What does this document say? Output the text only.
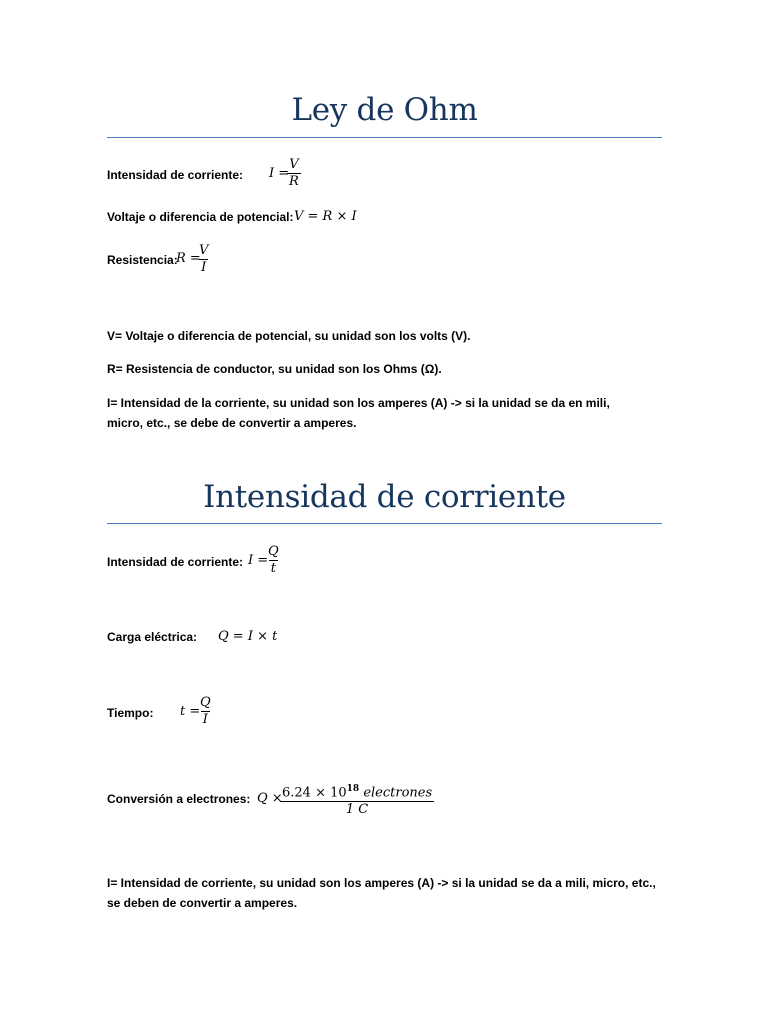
Ley de Ohm
Intensidad de corriente: I =
$\frac{V}{R}$
Voltaje o diferencia de potencial: V = R × I
Resistencia:
R =
$\frac{V}{I}$
V= Voltaje o diferencia de potencial, su unidad son los volts (V).
R= Resistencia de conductor, su unidad son los Ohms (Ω).
I= Intensidad de la corriente, su unidad son los amperes (A) -> si la unidad se da en mili, micro, etc., se debe de convertir a amperes.
Intensidad de corriente
Intensidad de corriente: I =
$\frac{Q}{t}$
Carga eléctrica: Q = I × t
Tiempo: t =
$\frac{Q}{I}$
Conversión a electrones: $Q \times 6.24 \times 10^{18}$ electrones
1 C
I= Intensidad de corriente, su unidad son los amperes (A) -> si la unidad se da a mili, micro, etc., se deben de convertir a amperes.
